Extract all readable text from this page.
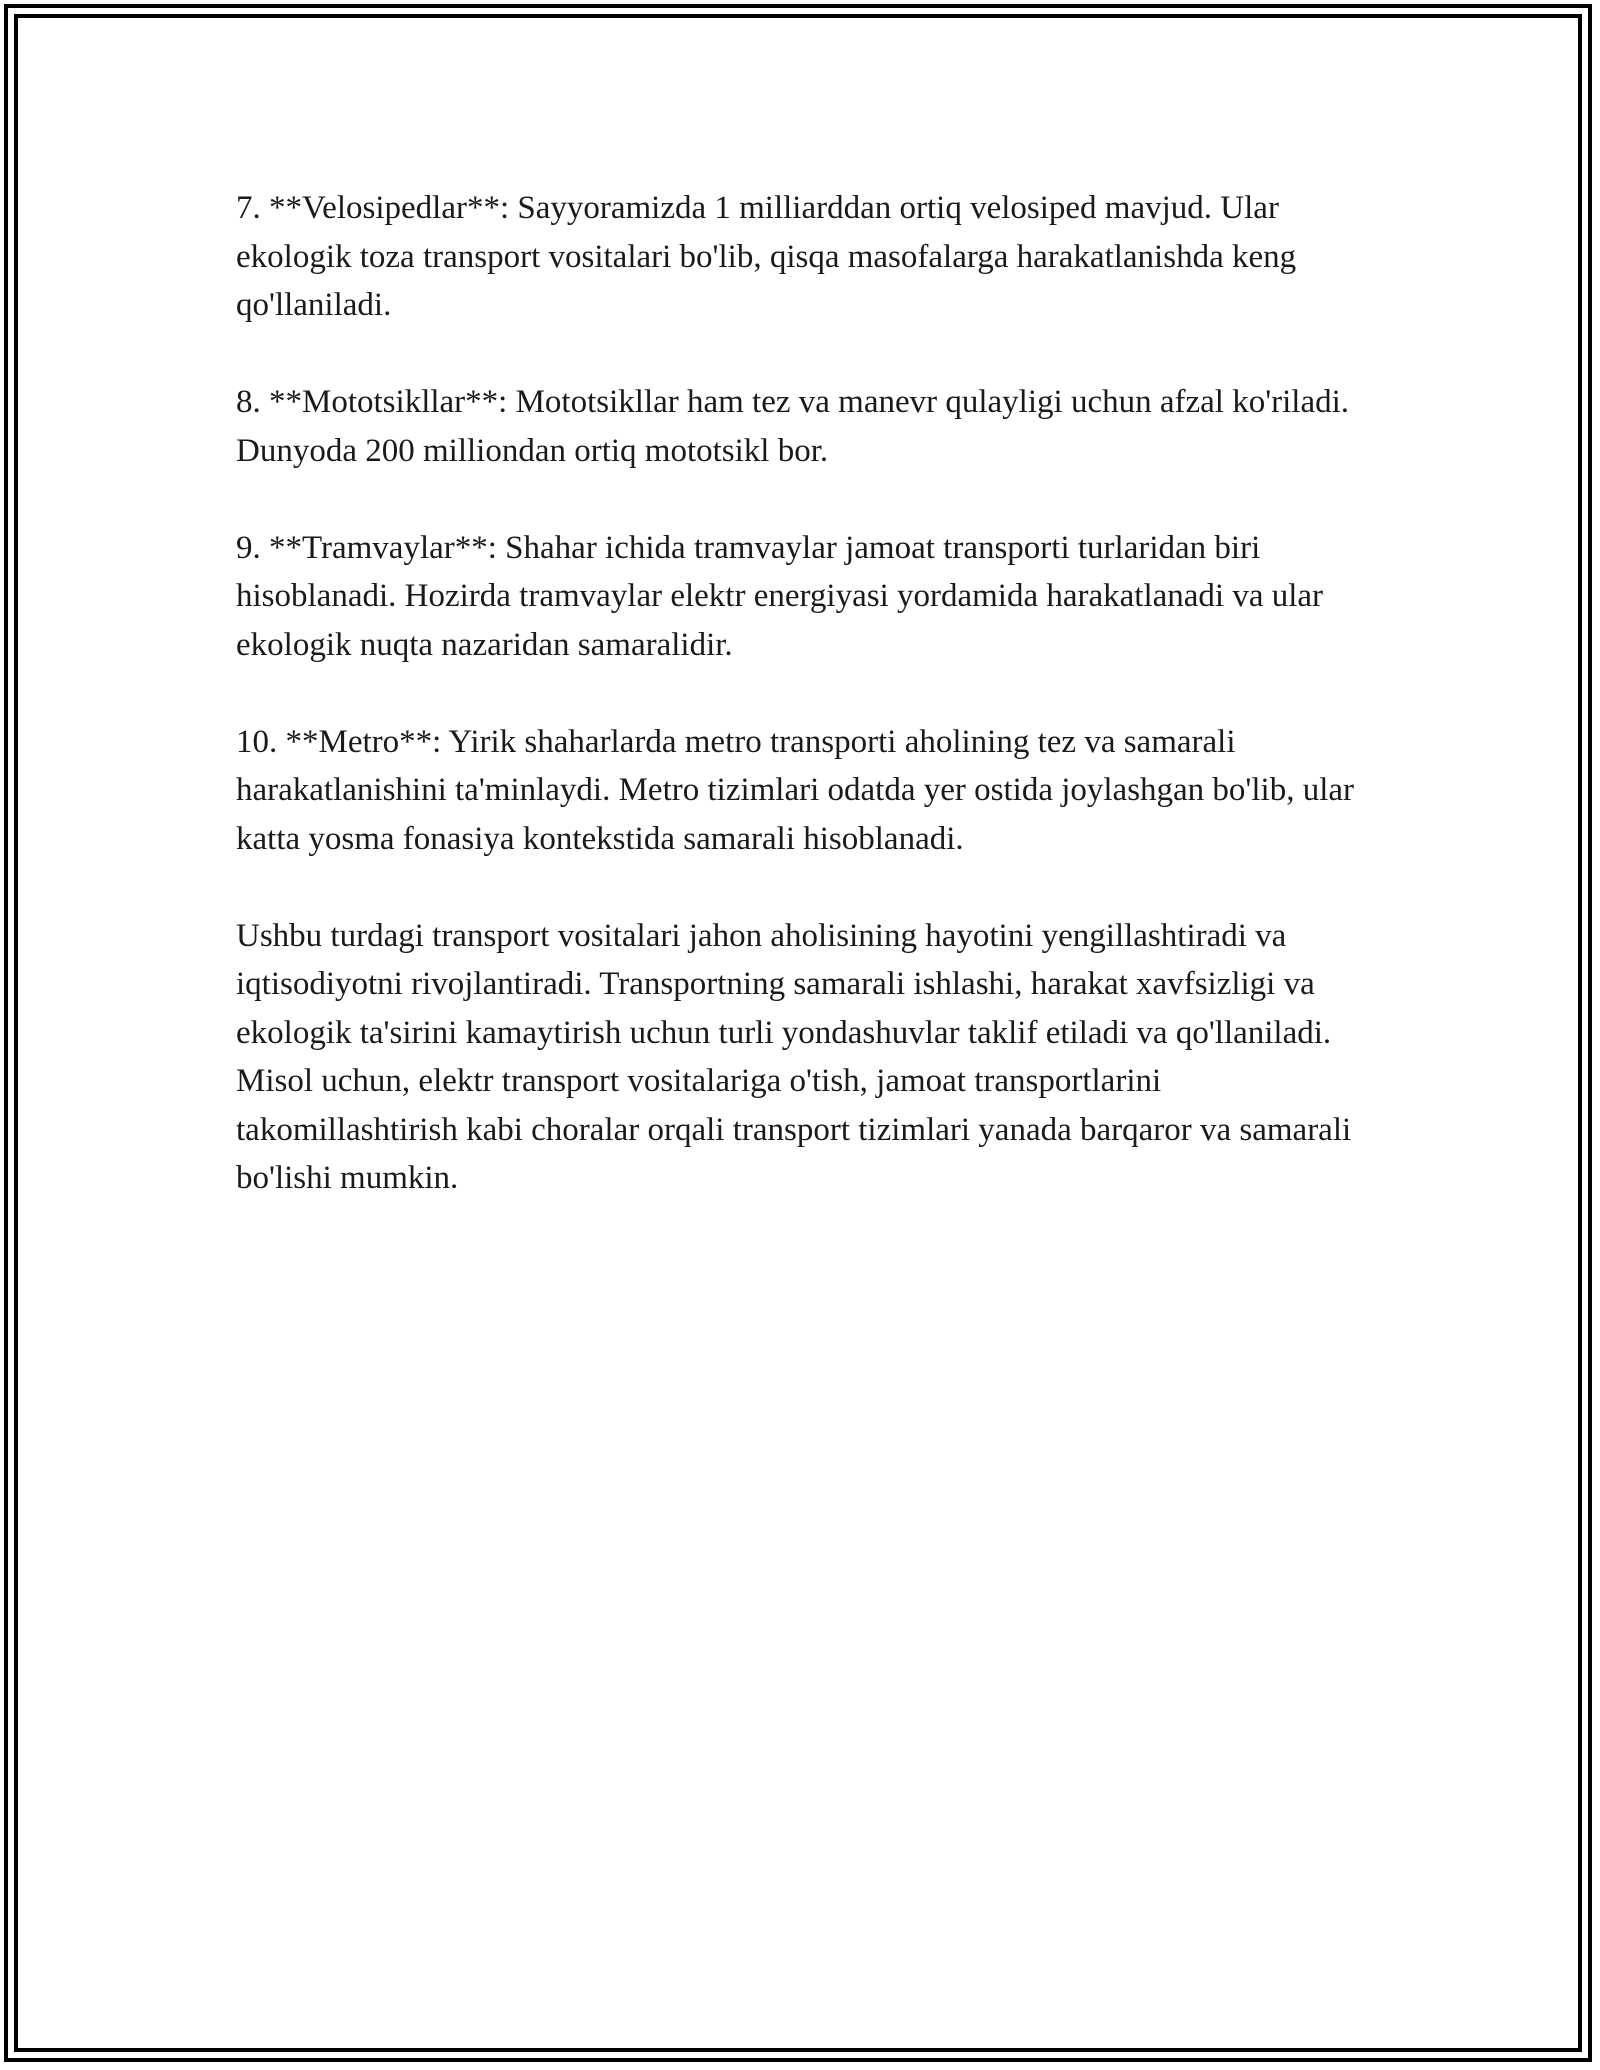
7. **Velosipedlar**: Sayyoramizda 1 milliarddan ortiq velosiped mavjud. Ular ekologik toza transport vositalari bo'lib, qisqa masofalarga harakatlanishda keng qo'llaniladi.

8. **Mototsikllar**: Mototsikllar ham tez va manevr qulayligi uchun afzal ko'riladi. Dunyoda 200 milliondan ortiq mototsikl bor.

9. **Tramvaylar**: Shahar ichida tramvaylar jamoat transporti turlaridan biri hisoblanadi. Hozirda tramvaylar elektr energiyasi yordamida harakatlanadi va ular ekologik nuqta nazaridan samaralidir.

10. **Metro**: Yirik shaharlarda metro transporti aholining tez va samarali harakatlanishini ta'minlaydi. Metro tizimlari odatda yer ostida joylashgan bo'lib, ular katta yosma fonasiya kontekstida samarali hisoblanadi.

Ushbu turdagi transport vositalari jahon aholisining hayotini yengillashtiradi va iqtisodiyotni rivojlantiradi. Transportning samarali ishlashi, harakat xavfsizligi va ekologik ta'sirini kamaytirish uchun turli yondashuvlar taklif etiladi va qo'llaniladi. Misol uchun, elektr transport vositalariga o'tish, jamoat transportlarini takomillashtirish kabi choralar orqali transport tizimlari yanada barqaror va samarali bo'lishi mumkin.
